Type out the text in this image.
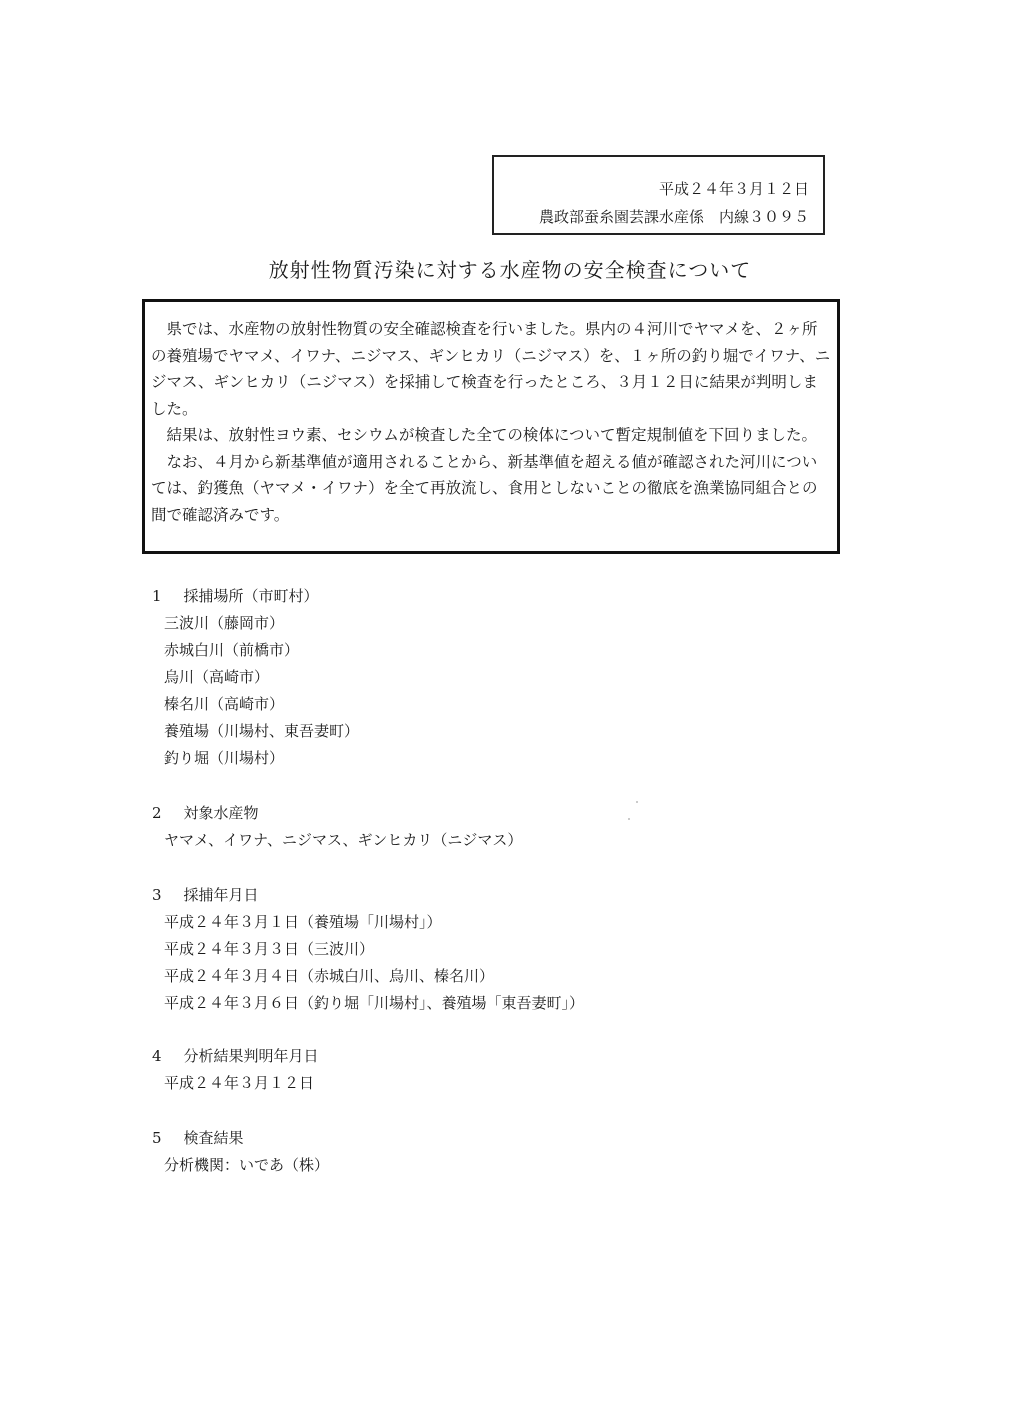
平成２４年３月１２日
農政部蚕糸園芸課水産係　内線３０９５
放射性物質汚染に対する水産物の安全検査について

県では、水産物の放射性物質の安全確認検査を行いました。県内の４河川でヤマメを、２ヶ所の養殖場でヤマメ、イワナ、ニジマス、ギンヒカリ（ニジマス）を、１ヶ所の釣り堀でイワナ、ニジマス、ギンヒカリ（ニジマス）を採捕して検査を行ったところ、３月１２日に結果が判明しました。

結果は、放射性ヨウ素、セシウムが検査した全ての検体について暫定規制値を下回りました。

なお、４月から新基準値が適用されることから、新基準値を超える値が確認された河川については、釣獲魚（ヤマメ・イワナ）を全て再放流し、食用としないことの徹底を漁業協同組合との間で確認済みです。

1 採捕場所（市町村）
三波川（藤岡市）
赤城白川（前橋市）
烏川（高崎市）
榛名川（高崎市）
養殖場（川場村、東吾妻町）
釣り堀（川場村）
2 対象水産物
ヤマメ、イワナ、ニジマス、ギンヒカリ（ニジマス）
3 採捕年月日
平成２４年３月１日（養殖場「川場村」）
平成２４年３月３日（三波川）
平成２４年３月４日（赤城白川、烏川、榛名川）
平成２４年３月６日（釣り堀「川場村」、養殖場「東吾妻町」）
4 分析結果判明年月日
平成２４年３月１２日
5 検査結果
分析機関：いであ（株）
